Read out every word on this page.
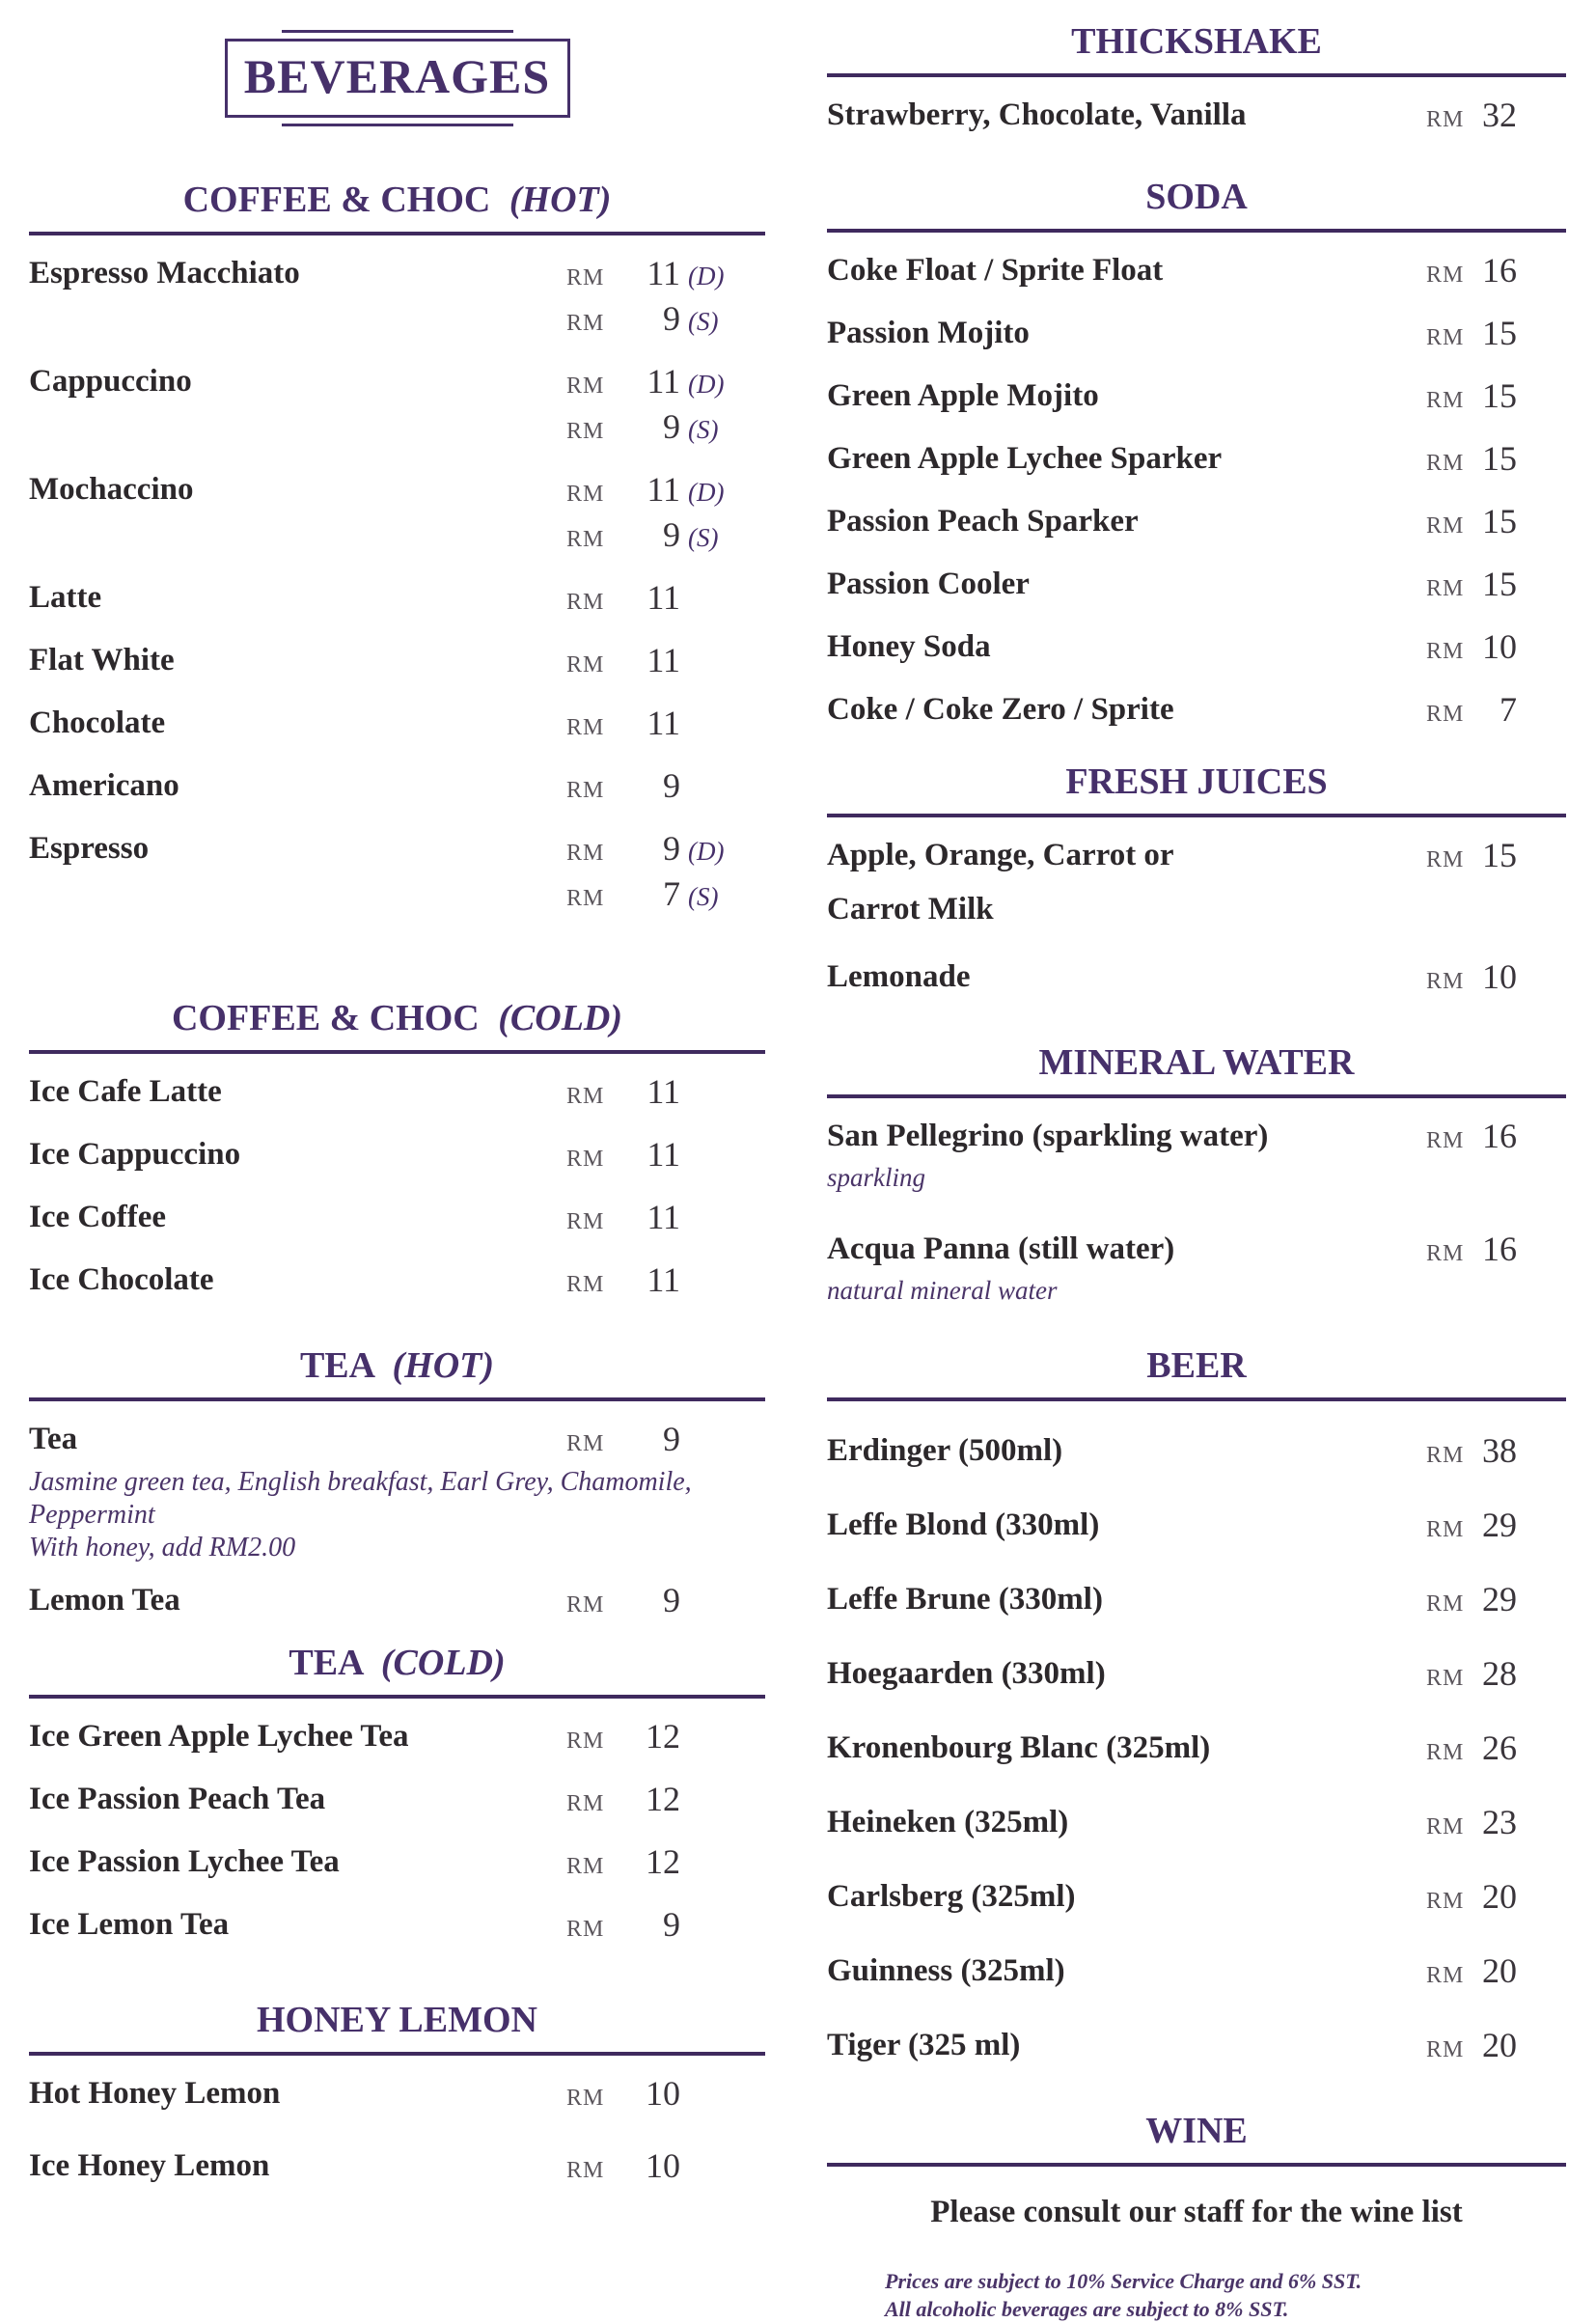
BEVERAGES
COFFEE & CHOC (HOT)
Espresso Macchiato	RM	11 (D)
RM	9 (S)
Cappuccino	RM	11 (D)
RM	9 (S)
Mochaccino	RM	11 (D)
RM	9 (S)
Latte	RM	11
Flat White	RM	11
Chocolate	RM	11
Americano	RM	9
Espresso	RM	9 (D)
RM	7 (S)
COFFEE & CHOC (COLD)
Ice Cafe Latte	RM	11
Ice Cappuccino	RM	11
Ice Coffee	RM	11
Ice Chocolate	RM	11
TEA (HOT)
Tea	RM	9
Jasmine green tea, English breakfast, Earl Grey, Chamomile,
Peppermint
With honey, add RM2.00
Lemon Tea	RM	9
TEA (COLD)
Ice Green Apple Lychee Tea	RM	12
Ice Passion Peach Tea	RM	12
Ice Passion Lychee Tea	RM	12
Ice Lemon Tea	RM	9
HONEY LEMON
Hot Honey Lemon	RM	10
Ice Honey Lemon	RM	10
THICKSHAKE
Strawberry, Chocolate, Vanilla	RM 32
SODA
Coke Float / Sprite Float	RM 16
Passion Mojito	RM 15
Green Apple Mojito	RM 15
Green Apple Lychee Sparker	RM 15
Passion Peach Sparker	RM 15
Passion Cooler	RM 15
Honey Soda	RM 10
Coke / Coke Zero / Sprite	RM	7
FRESH JUICES
Apple, Orange, Carrot or
Carrot Milk
RM 15
Lemonade	RM 10
MINERAL WATER
San Pellegrino (sparkling water)	RM 16
sparkling
Acqua Panna (still water)	RM 16
natural mineral water
BEER
Erdinger (500ml)	RM 38
Leffe Blond (330ml)	RM 29
Leffe Brune (330ml)	RM 29
Hoegaarden (330ml)	RM 28
Kronenbourg Blanc (325ml)	RM 26
Heineken (325ml)	RM 23
Carlsberg (325ml)	RM 20
Guinness (325ml)	RM 20
Tiger (325 ml)	RM 20
WINE
Please consult our staff for the wine list
Prices are subject to 10% Service Charge and 6% SST.
All alcoholic beverages are subject to 8% SST.
